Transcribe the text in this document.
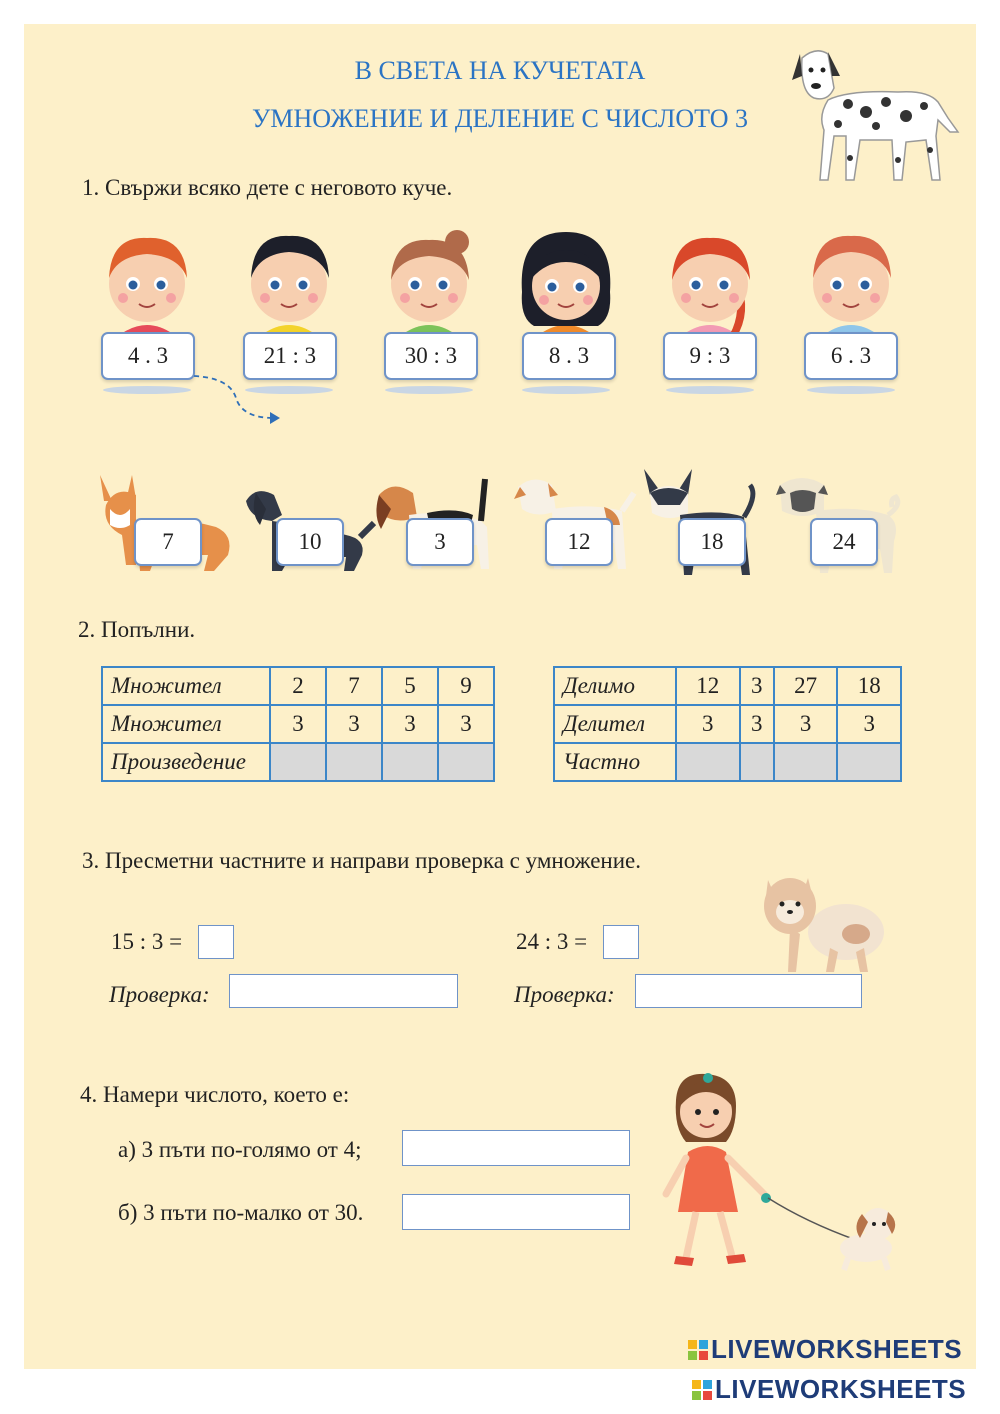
В СВЕТА НА КУЧЕТАТА
УМНОЖЕНИЕ И ДЕЛЕНИЕ С ЧИСЛОТО 3
1. Свържи всяко дете с неговото куче.
4 . 3	21 : 3	30 : 3	8 . 3	9 : 3	6 . 3
7	10	3	12	18	24
2. Попълни.
Множител	2	7	5	9
Множител	3	3	3	3
Произведение				
Делимо	12	3	27	18
Делител	3	3	3	3
Частно				
3. Пресметни частните и направи проверка с умножение.
15 : 3 =
Проверка:
24 : 3 =
Проверка:
4. Намери числото, което е:
а) 3 пъти по-голямо от 4;
б) 3 пъти по-малко от 30.
LIVEWORKSHEETS
LIVEWORKSHEETS
